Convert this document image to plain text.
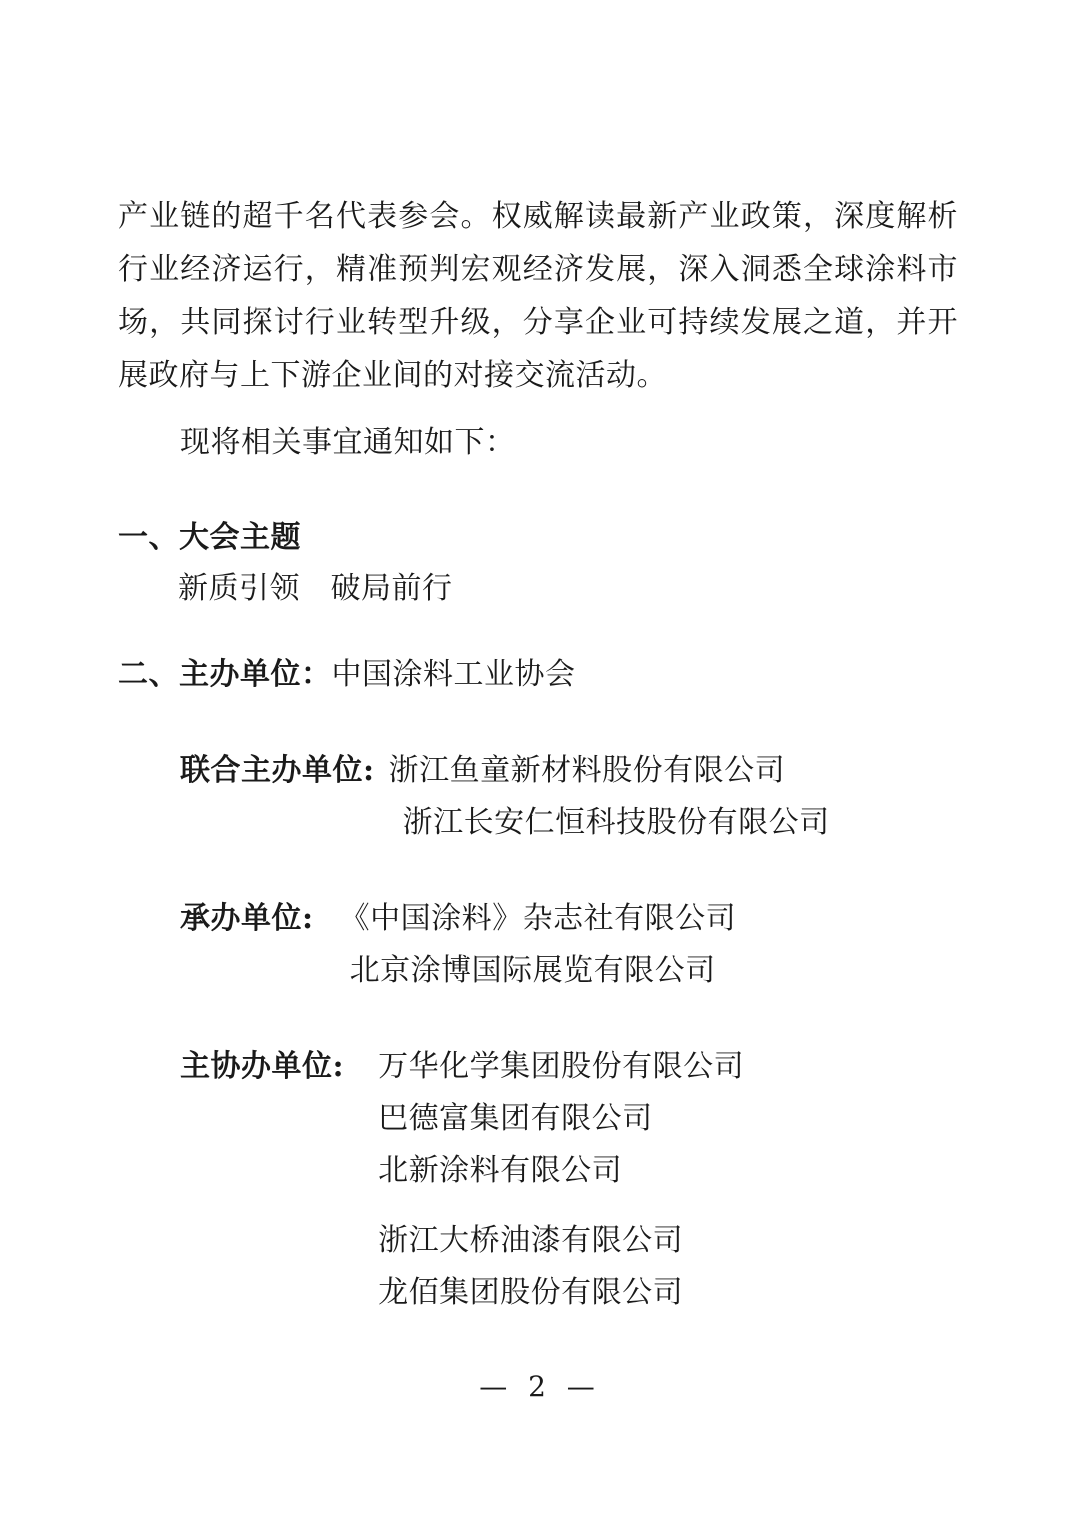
产业链的超千名代表参会。权威解读最新产业政策，深度解析行业经济运行，精准预判宏观经济发展，深入洞悉全球涂料市场，共同探讨行业转型升级，分享企业可持续发展之道，并开展政府与上下游企业间的对接交流活动。

现将相关事宜通知如下：

一、大会主题

新质引领　破局前行

二、主办单位：中国涂料工业协会

联合主办单位: 浙江鱼童新材料股份有限公司
浙江长安仁恒科技股份有限公司
承办单位: 《中国涂料》杂志社有限公司
北京涂博国际展览有限公司
主协办单位: 万华化学集团股份有限公司
巴德富集团有限公司
北新涂料有限公司
浙江大桥油漆有限公司
龙佰集团股份有限公司
— 2 —
